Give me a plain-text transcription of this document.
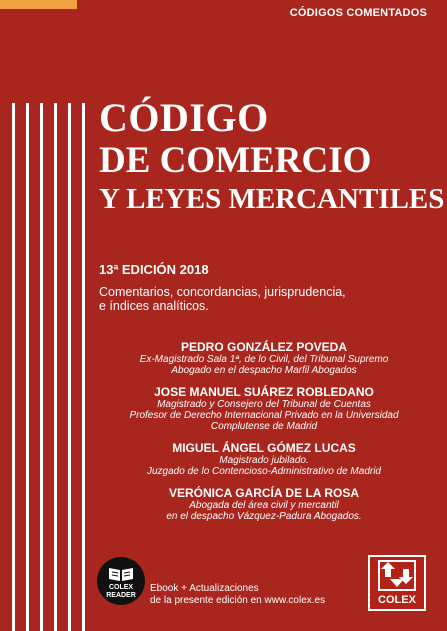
CÓDIGOS COMENTADOS
CÓDIGO
DE COMERCIO
Y LEYES MERCANTILES
13ª EDICIÓN 2018
Comentarios, concordancias, jurisprudencia,
e índices analíticos.
PEDRO GONZÁLEZ POVEDA
Ex-Magistrado Sala 1ª, de lo Civil, del Tribunal Supremo
Abogado en el despacho Marfil Abogados
JOSE MANUEL SUÁREZ ROBLEDANO
Magistrado y Consejero del Tribunal de Cuentas
Profesor de Derecho Internacional Privado en la Universidad
Complutense de Madrid
MIGUEL ÁNGEL GÓMEZ LUCAS
Magistrado jubilado.
Juzgado de lo Contencioso-Administrativo de Madrid
VERÓNICA GARCÍA DE LA ROSA
Abogada del área civil y mercantil
en el despacho Vázquez-Padura Abogados.
COLEX
READER
Ebook + Actualizaciones
de la presente edición en www.colex.es	COLEX
